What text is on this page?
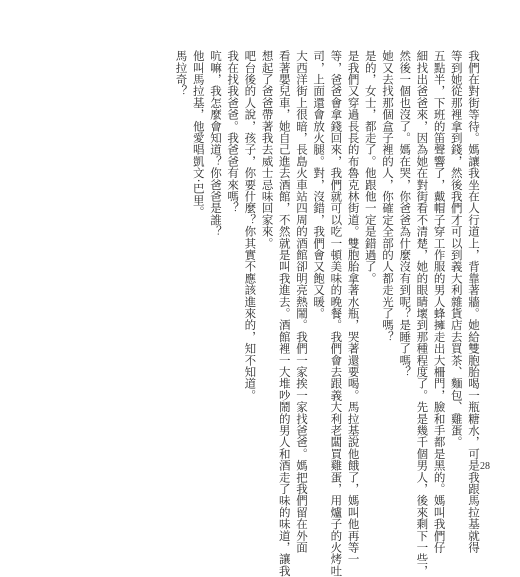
我們在對街等待。媽讓我坐在人行道上，背靠著牆。她給雙胞胎喝一瓶糖水，可是我跟馬拉基就得

等到她從那裡拿到錢，然後我們才可以到義大利雜貨店去買茶、麵包、雞蛋。

五點半，下班的笛聲響了，戴帽子穿工作服的男人蜂擁走出大柵門，臉和手都是黑的。媽叫我們仔

細找出爸爸來，因為她在對街看不清楚，她的眼睛壞到那種程度了。先是幾千個男人，後來剩下一些，

然後一個也沒了。媽在哭，你爸爸為什麼沒有到呢？是睡了嗎？

她又去找那個盒子裡的人，你確定全部的人都走光了嗎？

是的，女士，都走了。他跟他一定是錯過了。

是我們又穿過長長的布魯克林街道。雙胞胎拿著水瓶，哭著還要喝。馬拉基說他餓了，媽叫他再等一

等，爸爸會拿錢回來，我們就可以吃一頓美味的晚餐。我們會去跟義大利老闆買雞蛋，用爐子的火烤吐

司，上面還會放火腿。對，沒錯，我們會又飽又暖。

大西洋街上很暗，長島火車站四周的酒館卻明亮熱鬧。我們一家挨一家找爸爸。媽把我們留在外面

看著嬰兒車，她自己進去酒館，不然就是叫我進去。酒館裡一大堆吵鬧的男人和酒走了味的味道，讓我

想起了爸爸帶著我去威士忌味回家來。

吧台後的人說，孩子，你要什麼？你其實不應該進來的，知不知道。

我在找我爸爸。我爸爸有來嗎？

吭嘛，我怎麼會知道？你爸爸是誰？

他叫馬拉基，他愛唱凱文·巴里。

馬拉奇？

28
